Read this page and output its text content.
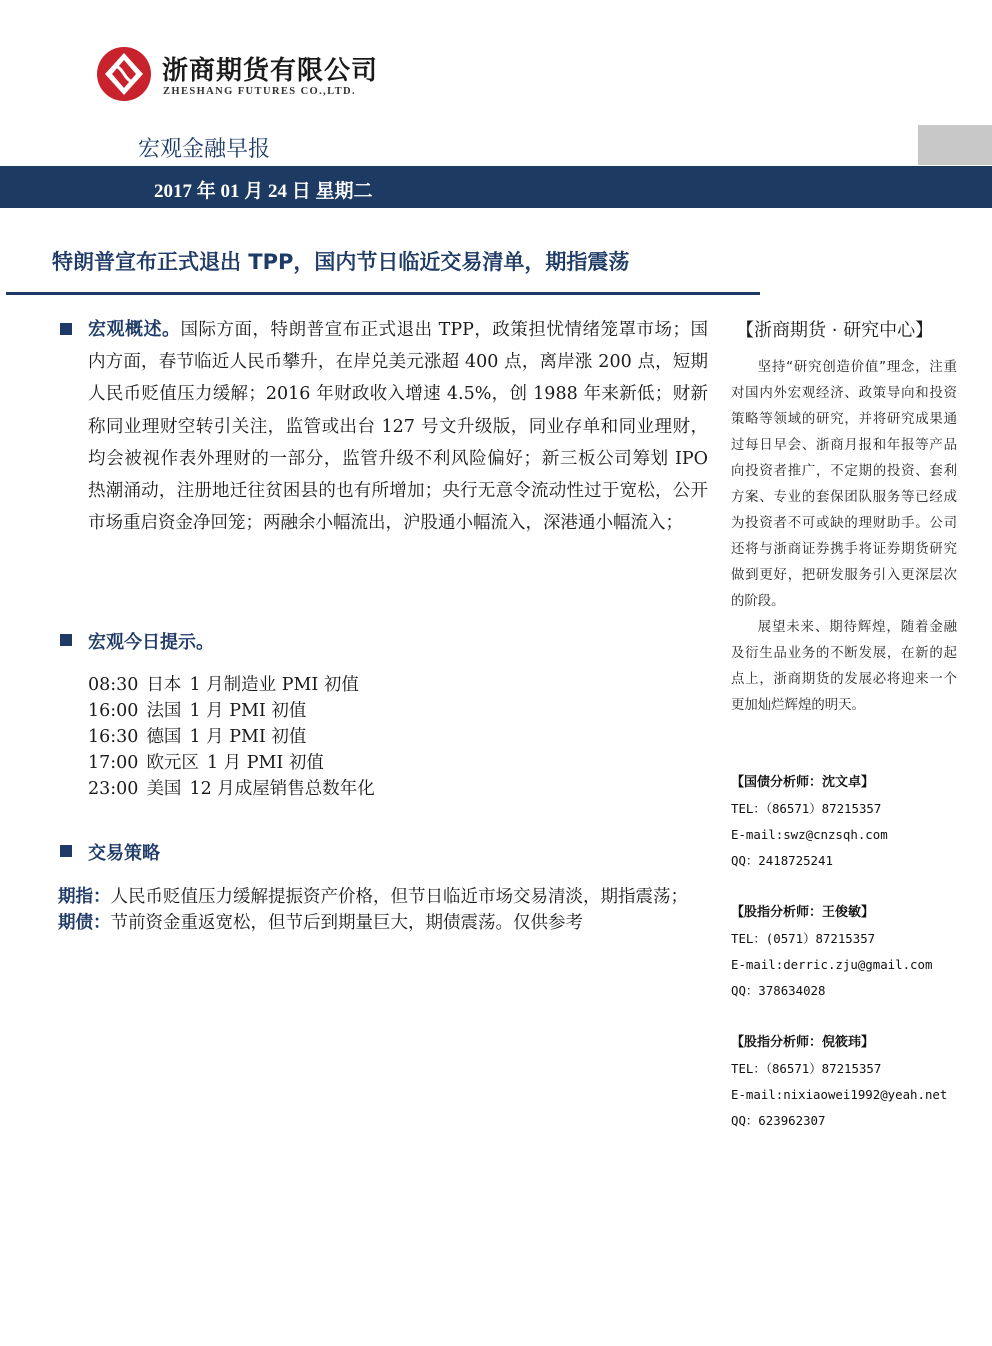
浙商期货有限公司
ZHESHANG FUTURES CO.,LTD.
宏观金融早报
2017 年 01 月 24 日 星期二
特朗普宣布正式退出 TPP，国内节日临近交易清单，期指震荡
宏观概述。国际方面，特朗普宣布正式退出 TPP，政策担忧情绪笼罩市场；国内方面，春节临近人民币攀升，在岸兑美元涨超 400 点，离岸涨 200 点，短期人民币贬值压力缓解；2016 年财政收入增速 4.5%，创 1988 年来新低；财新称同业理财空转引关注，监管或出台 127 号文升级版，同业存单和同业理财，均会被视作表外理财的一部分，监管升级不利风险偏好；新三板公司筹划 IPO 热潮涌动，注册地迁往贫困县的也有所增加；央行无意令流动性过于宽松，公开市场重启资金净回笼；两融余小幅流出，沪股通小幅流入，深港通小幅流入；
宏观今日提示。
08:30 日本 1 月制造业 PMI 初值
16:00 法国 1 月 PMI 初值
16:30 德国 1 月 PMI 初值
17:00 欧元区 1 月 PMI 初值
23:00 美国 12 月成屋销售总数年化
交易策略
期指：人民币贬值压力缓解提振资产价格，但节日临近市场交易清淡，期指震荡；
期债：节前资金重返宽松，但节后到期量巨大，期债震荡。仅供参考
【浙商期货 · 研究中心】

坚持“研究创造价值”理念，注重对国内外宏观经济、政策导向和投资策略等领域的研究，并将研究成果通过每日早会、浙商月报和年报等产品向投资者推广，不定期的投资、套利方案、专业的套保团队服务等已经成为投资者不可或缺的理财助手。公司还将与浙商证券携手将证券期货研究做到更好，把研发服务引入更深层次的阶段。

展望未来、期待辉煌，随着金融及衍生品业务的不断发展，在新的起点上，浙商期货的发展必将迎来一个更加灿烂辉煌的明天。

【国债分析师：沈文卓】
TEL：（86571）87215357
E-mail:swz@cnzsqh.com
QQ：2418725241
【股指分析师：王俊敏】
TEL：(0571）87215357
E-mail:derric.zju@gmail.com
QQ：378634028
【股指分析师：倪筱玮】
TEL：（86571）87215357
E-mail:nixiaowei1992@yeah.net
QQ：623962307
